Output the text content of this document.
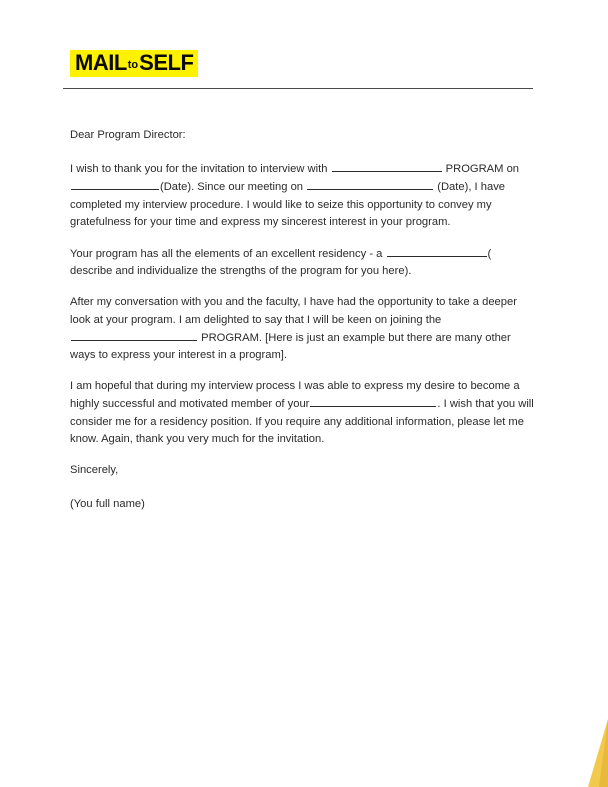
MAILtoSELF

Dear Program Director:

I wish to thank you for the invitation to interview with	PROGRAM on (Date). Since our meeting on	(Date), I have completed my interview procedure. I would like to seize this opportunity to convey my gratefulness for your time and express my sincerest interest in your program.

Your program has all the elements of an excellent residency - a	( describe and individualize the strengths of the program for you here).

After my conversation with you and the faculty, I have had the opportunity to take a deeper look at your program. I am delighted to say that I will be keen on joining the PROGRAM. [Here is just an example but there are many other ways to express your interest in a program].

I am hopeful that during my interview process I was able to express my desire to become a highly successful and motivated member of your	. I wish that you will consider me for a residency position. If you require any additional information, please let me know. Again, thank you very much for the invitation.

Sincerely,

(You full name)
